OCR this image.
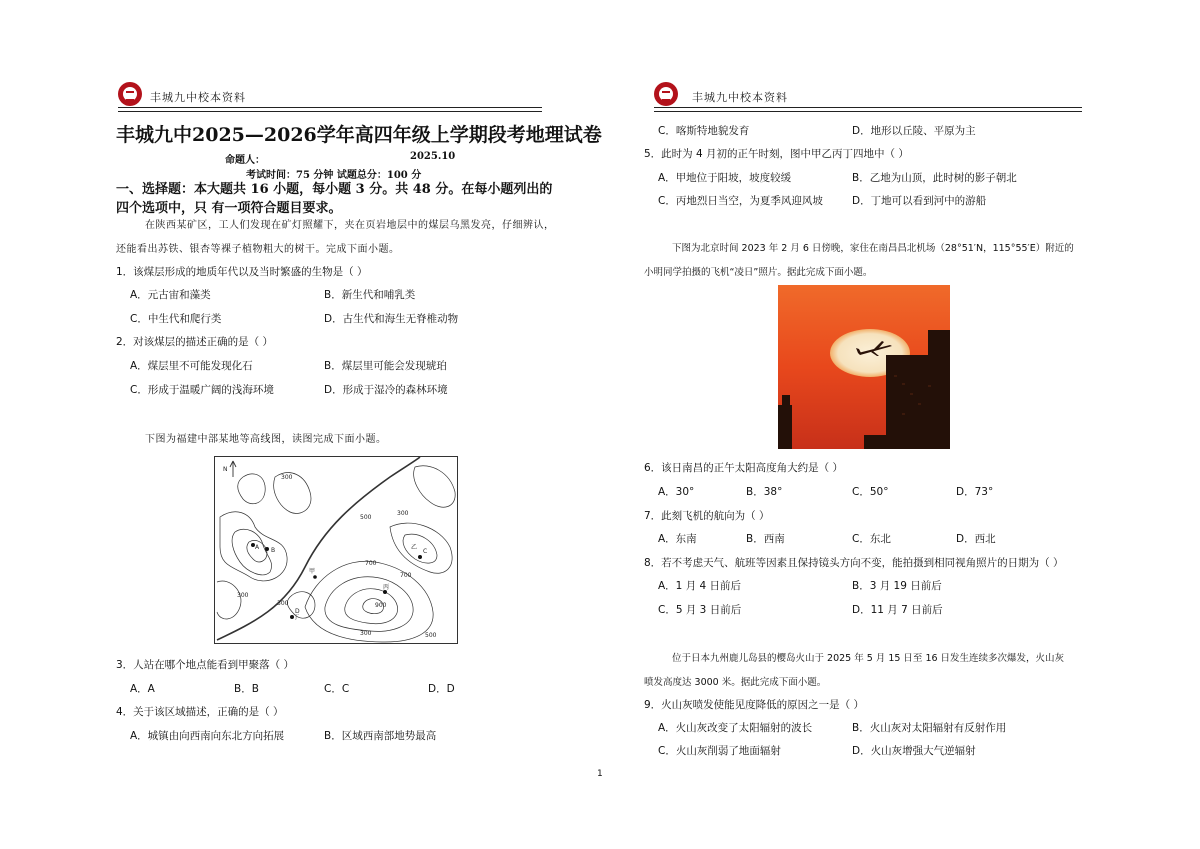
丰城九中校本资料
丰城九中2025—2026学年高四年级上学期段考地理试卷
命题人：	2025.10
考试时间：75 分钟 试题总分：100 分
一、选择题：本大题共 16 小题，每小题 3 分。共 48 分。在每小题列出的四个选项中，只 有一项符合题目要求。
在陕西某矿区，工人们发现在矿灯照耀下，夹在页岩地层中的煤层乌黑发亮，仔细辨认，
还能看出苏铁、银杏等裸子植物粗大的树干。完成下面小题。
1．该煤层形成的地质年代以及当时繁盛的生物是（ ）
A．元古宙和藻类	B．新生代和哺乳类
C．中生代和爬行类	D．古生代和海生无脊椎动物
2．对该煤层的描述正确的是（ ）
A．煤层里不可能发现化石	B．煤层里可能会发现琥珀
C．形成于温暖广阔的浅海环境	D．形成于湿冷的森林环境
下图为福建中部某地等高线图，读图完成下面小题。
N
300
300
300
300
500
700
700
900
500
300
甲
乙
丙
丁
A B	C
D
3．人站在哪个地点能看到甲聚落（ ）
A．A	B．B	C．C	D．D
4．关于该区域描述，正确的是（ ）
A．城镇由向西南向东北方向拓展	B．区域西南部地势最高
丰城九中校本资料
C．喀斯特地貌发育	D．地形以丘陵、平原为主
5．此时为 4 月初的正午时刻，图中甲乙丙丁四地中（ ）
A．甲地位于阳坡，坡度较缓	B．乙地为山顶，此时树的影子朝北
C．丙地烈日当空，为夏季风迎风坡	D．丁地可以看到河中的游船
下图为北京时间 2023 年 2 月 6 日傍晚，家住在南昌昌北机场（28°51′N，115°55′E）附近的
小明同学拍摄的飞机“凌日”照片。据此完成下面小题。
6．该日南昌的正午太阳高度角大约是（ ）
A．30°	B．38°	C．50°	D．73°
7．此刻飞机的航向为（ ）
A．东南	B．西南	C．东北	D．西北
8．若不考虑天气、航班等因素且保持镜头方向不变，能拍摄到相同视角照片的日期为（ ）
A．1 月 4 日前后	B．3 月 19 日前后
C．5 月 3 日前后	D．11 月 7 日前后
位于日本九州鹿儿岛县的樱岛火山于 2025 年 5 月 15 日至 16 日发生连续多次爆发，火山灰
喷发高度达 3000 米。据此完成下面小题。
9．火山灰喷发使能见度降低的原因之一是（ ）
A．火山灰改变了太阳辐射的波长	B．火山灰对太阳辐射有反射作用
C．火山灰削弱了地面辐射	D．火山灰增强大气逆辐射
1
